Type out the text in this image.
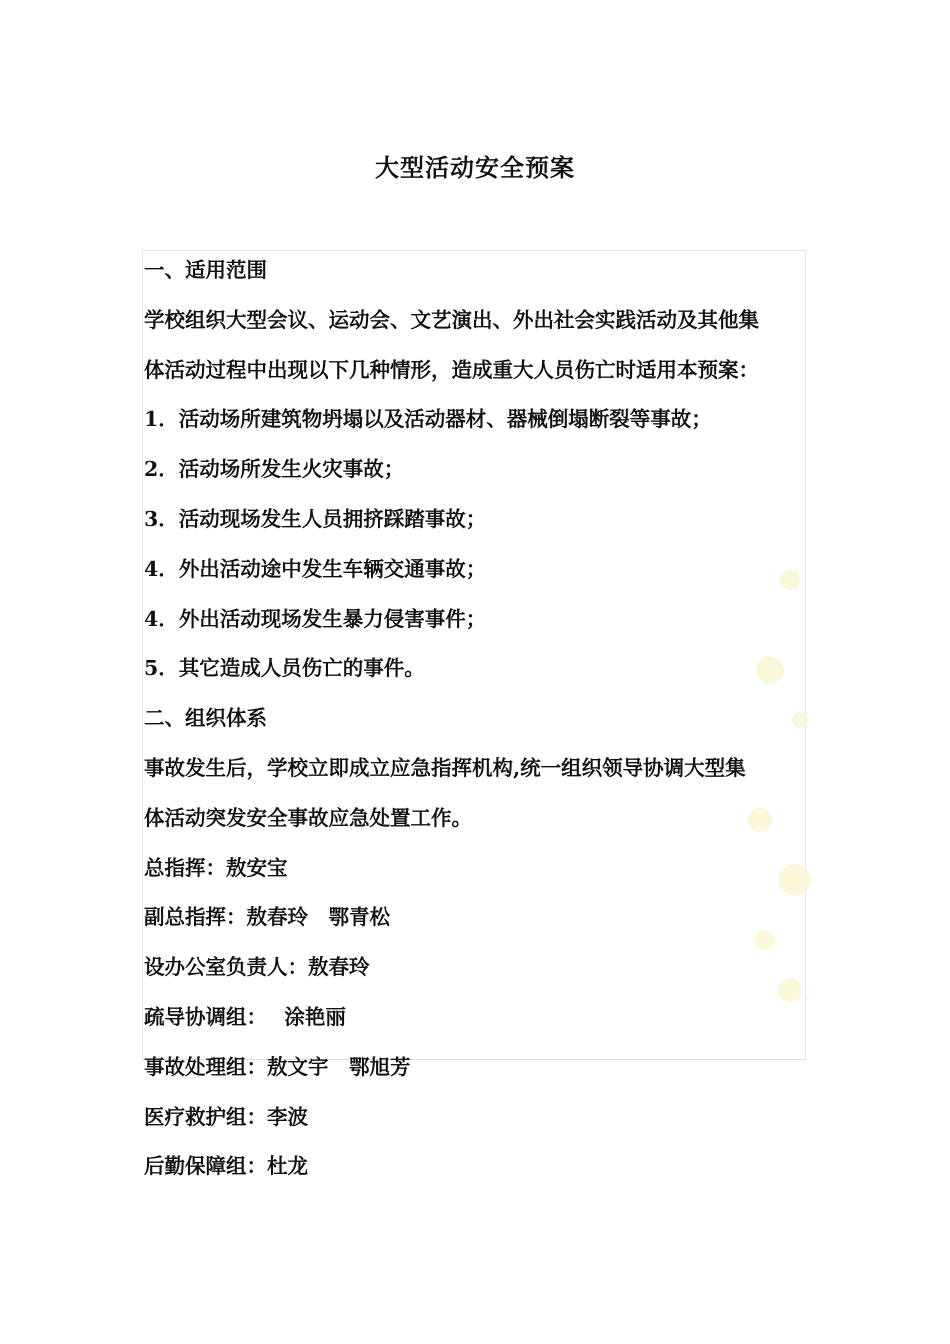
大型活动安全预案
一、适用范围
学校组织大型会议、运动会、文艺演出、外出社会实践活动及其他集
体活动过程中出现以下几种情形，造成重大人员伤亡时适用本预案：
1．活动场所建筑物坍塌以及活动器材、器械倒塌断裂等事故；
2．活动场所发生火灾事故；
3．活动现场发生人员拥挤踩踏事故；
4．外出活动途中发生车辆交通事故；
4．外出活动现场发生暴力侵害事件；
5．其它造成人员伤亡的事件。
二、组织体系
事故发生后，学校立即成立应急指挥机构,统一组织领导协调大型集
体活动突发安全事故应急处置工作。
总指挥：敖安宝
副总指挥：敖春玲　鄂青松
设办公室负责人：敖春玲
疏导协调组：　 涂艳丽
事故处理组：敖文宇　鄂旭芳
医疗救护组：李波
后勤保障组：杜龙
